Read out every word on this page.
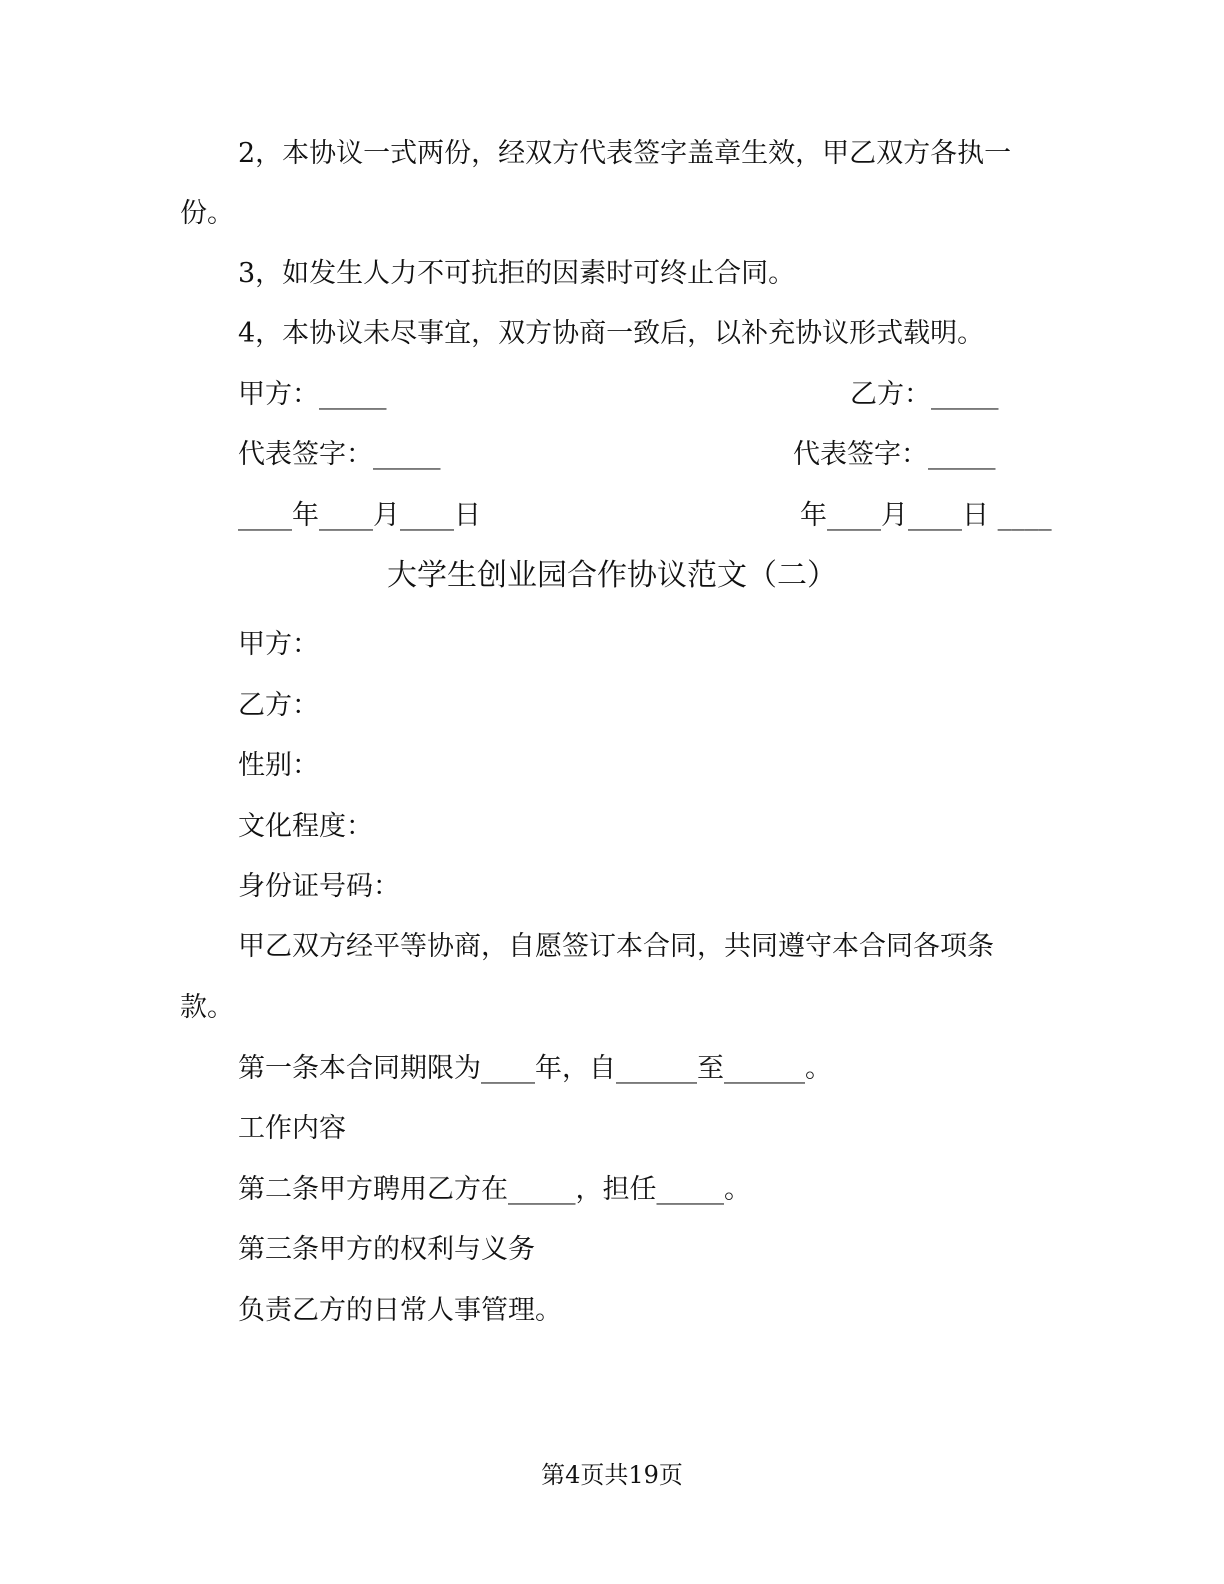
2，本协议一式两份，经双方代表签字盖章生效，甲乙双方各执一
份。
3，如发生人力不可抗拒的因素时可终止合同。
4，本协议未尽事宜，双方协商一致后，以补充协议形式载明。
甲方：_____	乙方：_____
代表签字：_____	代表签字：_____
____年____月____日	年____月____日 ____
大学生创业园合作协议范文（二）
甲方：
乙方：
性别：
文化程度：
身份证号码：
甲乙双方经平等协商，自愿签订本合同，共同遵守本合同各项条
款。
第一条本合同期限为____年，自______至______。
工作内容
第二条甲方聘用乙方在_____，担任_____。
第三条甲方的权利与义务
负责乙方的日常人事管理。
第4页共19页
